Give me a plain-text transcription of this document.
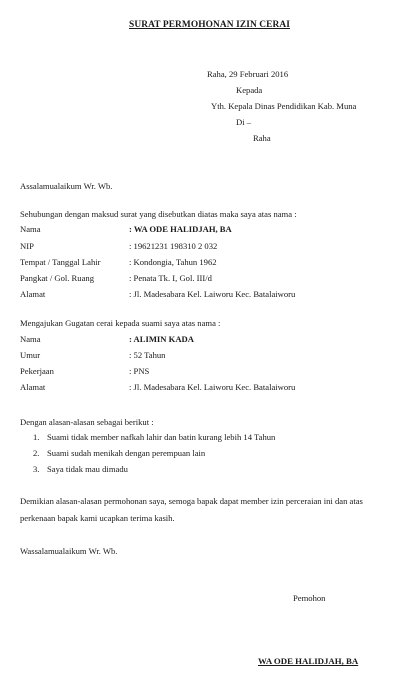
SURAT PERMOHONAN IZIN CERAI
Raha, 29 Februari 2016
Kepada
Yth. Kepala Dinas Pendidikan Kab. Muna
Di –
Raha
Assalamualaikum Wr. Wb.
Sehubungan dengan maksud surat yang disebutkan diatas maka saya atas nama :
Nama	: WA ODE HALIDJAH, BA
NIP	: 19621231 198310 2 032
Tempat / Tanggal Lahir	: Kondongia, Tahun 1962
Pangkat / Gol. Ruang	: Penata Tk. I, Gol. III/d
Alamat	: Jl. Madesabara Kel. Laiworu Kec. Batalaiworu
Mengajukan Gugatan cerai kepada suami saya atas nama :
Nama	: ALIMIN KADA
Umur	: 52 Tahun
Pekerjaan	: PNS
Alamat	: Jl. Madesabara Kel. Laiworu Kec. Batalaiworu
Dengan alasan-alasan sebagai berikut :
1. Suami tidak member nafkah lahir dan batin kurang lebih 14 Tahun
2. Suami sudah menikah dengan perempuan lain
3. Saya tidak mau dimadu
Demikian alasan-alasan permohonan saya, semoga bapak dapat member izin perceraian ini dan atas
perkenaan bapak kami ucapkan terima kasih.
Wassalamualaikum Wr. Wb.
Pemohon
WA ODE HALIDJAH, BA
